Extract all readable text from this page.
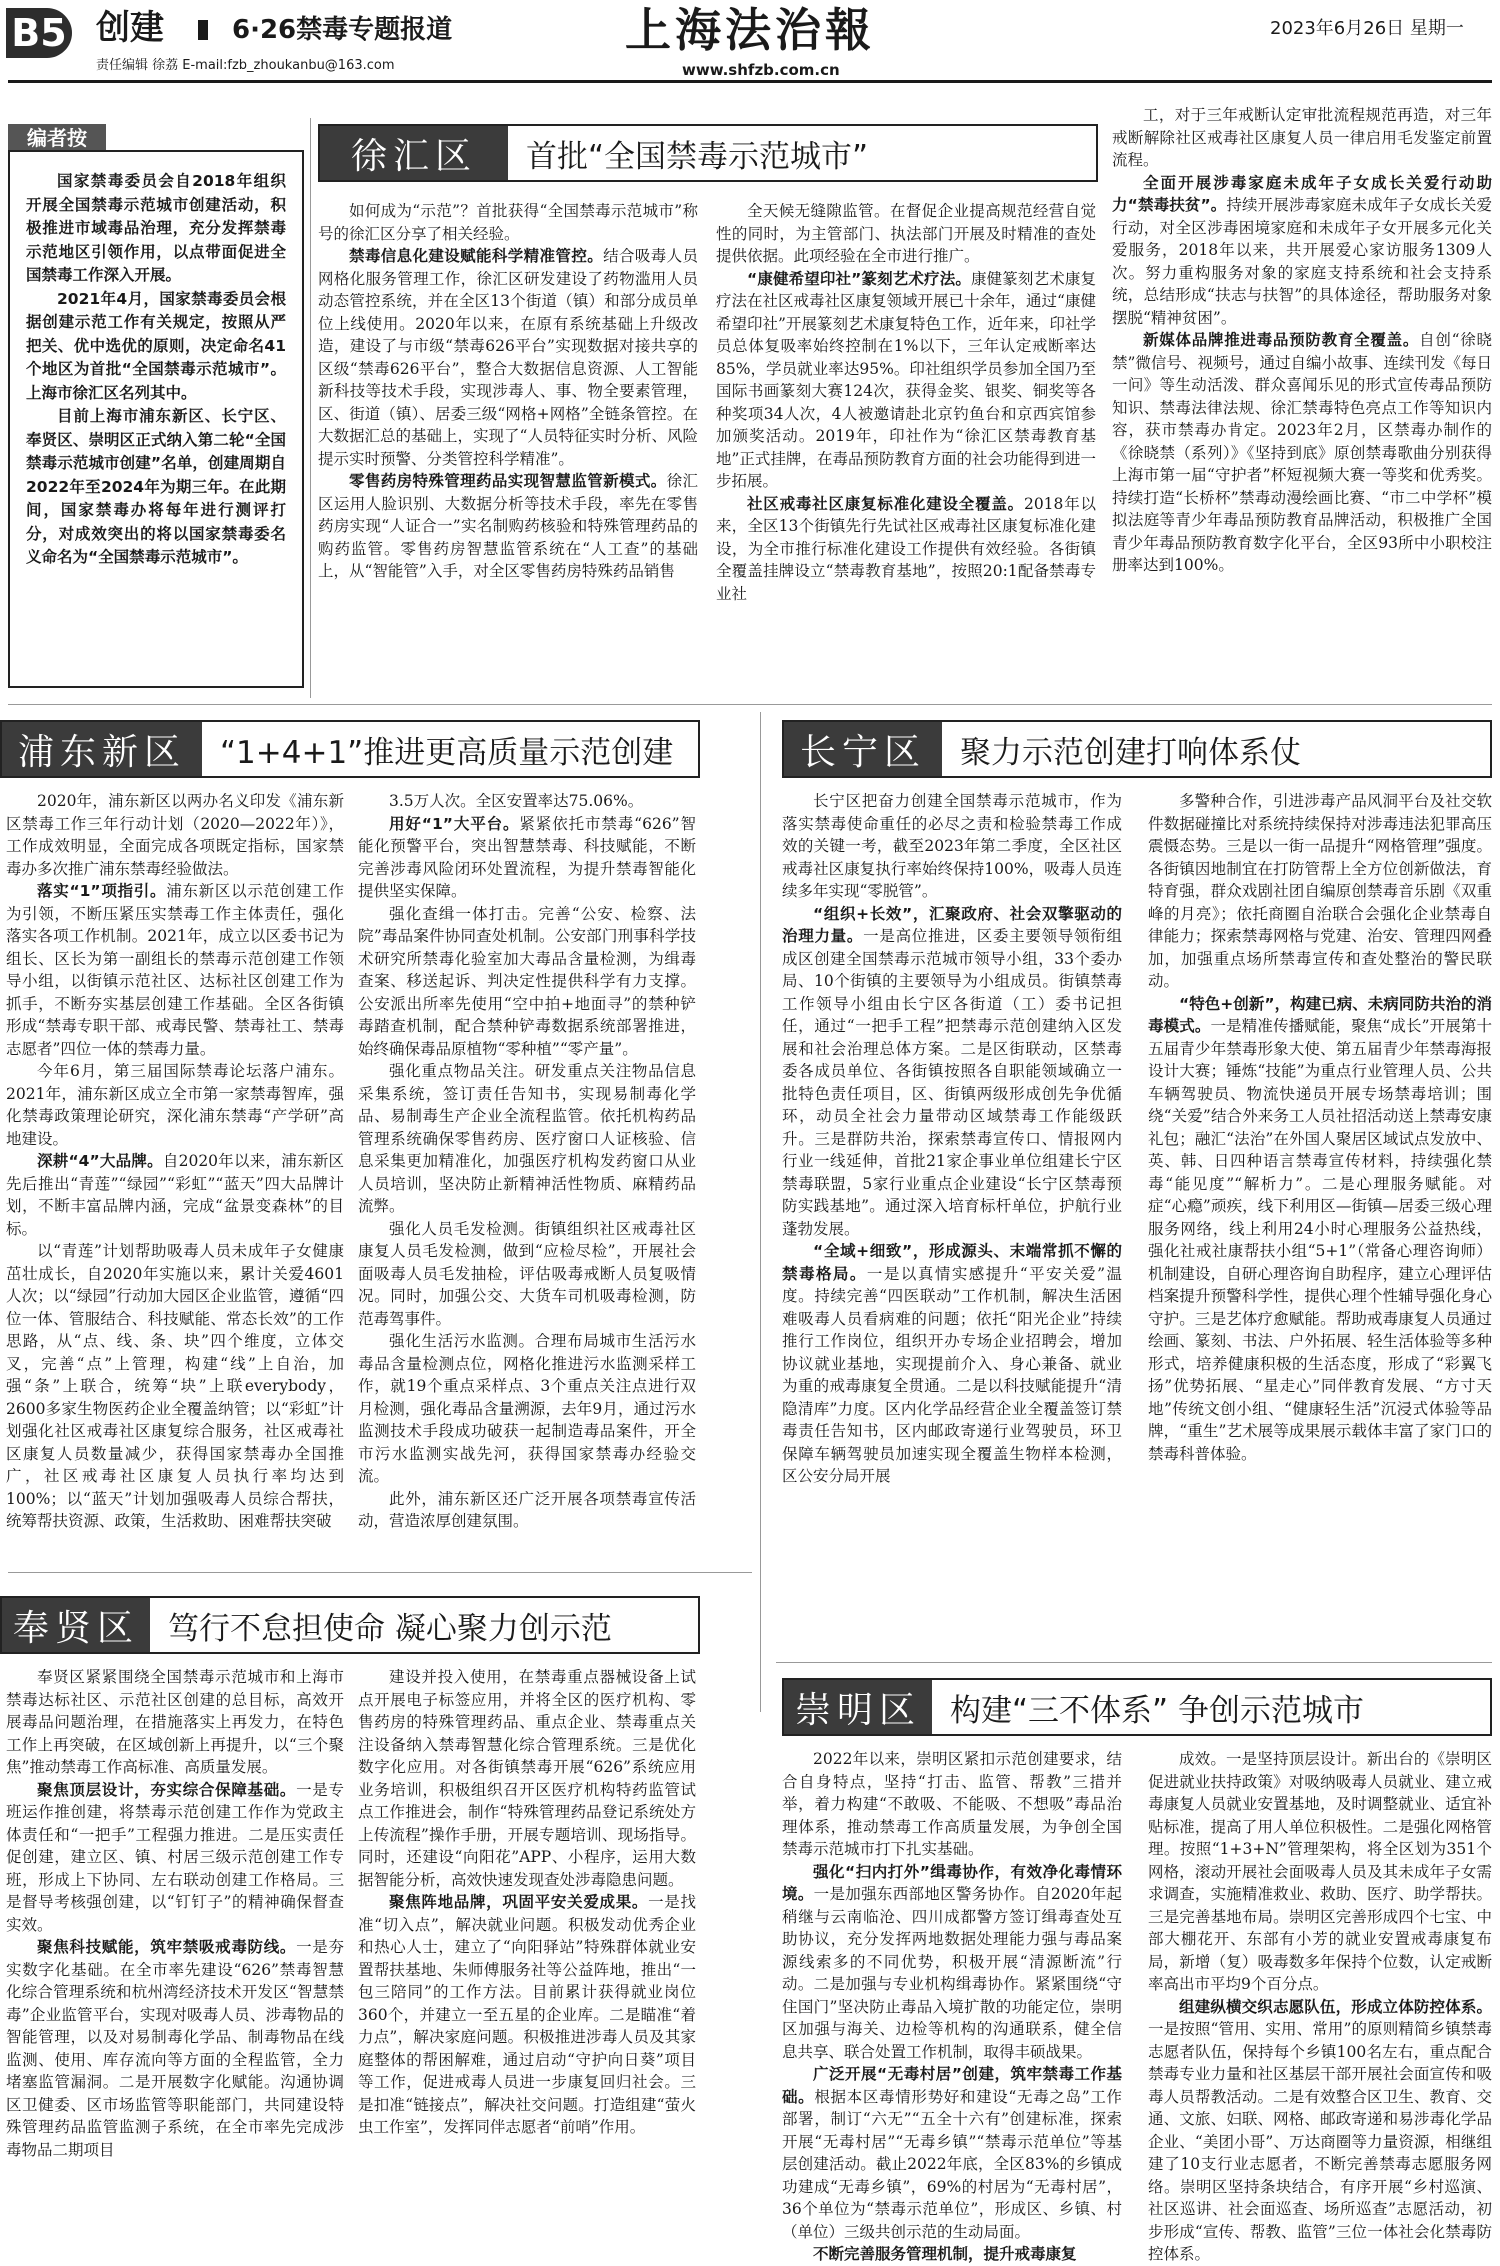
B5 创建	6·26禁毒专题报道	上海法治報	2023年6月26日 星期一
责任编辑 徐荔 E-mail:fzb_zhoukanbu@163.com	www.shfzb.com.cn
编者按

国家禁毒委员会自2018年组织开展全国禁毒示范城市创建活动，积极推进市域毒品治理，充分发挥禁毒示范地区引领作用，以点带面促进全国禁毒工作深入开展。

2021年4月，国家禁毒委员会根据创建示范工作有关规定，按照从严把关、优中选优的原则，决定命名41个地区为首批“全国禁毒示范城市”。上海市徐汇区名列其中。

目前上海市浦东新区、长宁区、奉贤区、崇明区正式纳入第二轮“全国禁毒示范城市创建”名单，创建周期自2022年至2024年为期三年。在此期间，国家禁毒办将每年进行测评打分，对成效突出的将以国家禁毒委名义命名为“全国禁毒示范城市”。

徐汇区	首批“全国禁毒示范城市”

如何成为“示范”？首批获得“全国禁毒示范城市”称号的徐汇区分享了相关经验。

禁毒信息化建设赋能科学精准管控。结合吸毒人员网格化服务管理工作，徐汇区研发建设了药物滥用人员动态管控系统，并在全区13个街道（镇）和部分成员单位上线使用。2020年以来，在原有系统基础上升级改造，建设了与市级“禁毒626平台”实现数据对接共享的区级“禁毒626平台”，整合大数据信息资源、人工智能新科技等技术手段，实现涉毒人、事、物全要素管理，区、街道（镇）、居委三级“网格+网格”全链条管控。在大数据汇总的基础上，实现了“人员特征实时分析、风险提示实时预警、分类管控科学精准”。

零售药房特殊管理药品实现智慧监管新模式。徐汇区运用人脸识别、大数据分析等技术手段，率先在零售药房实现“人证合一”实名制购药核验和特殊管理药品的购药监管。零售药房智慧监管系统在“人工查”的基础上，从“智能管”入手，对全区零售药房特殊药品销售

全天候无缝隙监管。在督促企业提高规范经营自觉性的同时，为主管部门、执法部门开展及时精准的查处提供依据。此项经验在全市进行推广。

“康健希望印社”篆刻艺术疗法。康健篆刻艺术康复疗法在社区戒毒社区康复领域开展已十余年，通过“康健希望印社”开展篆刻艺术康复特色工作，近年来，印社学员总体复吸率始终控制在1%以下，三年认定戒断率达85%，学员就业率达95%。印社组织学员参加全国乃至国际书画篆刻大赛124次，获得金奖、银奖、铜奖等各种奖项34人次，4人被邀请赴北京钓鱼台和京西宾馆参加颁奖活动。2019年，印社作为“徐汇区禁毒教育基地”正式挂牌，在毒品预防教育方面的社会功能得到进一步拓展。

社区戒毒社区康复标准化建设全覆盖。2018年以来，全区13个街镇先行先试社区戒毒社区康复标准化建设，为全市推行标准化建设工作提供有效经验。各街镇全覆盖挂牌设立“禁毒教育基地”，按照20:1配备禁毒专业社

工，对于三年戒断认定审批流程规范再造，对三年戒断解除社区戒毒社区康复人员一律启用毛发鉴定前置流程。

全面开展涉毒家庭未成年子女成长关爱行动助力“禁毒扶贫”。持续开展涉毒家庭未成年子女成长关爱行动，对全区涉毒困境家庭和未成年子女开展多元化关爱服务，2018年以来，共开展爱心家访服务1309人次。努力重构服务对象的家庭支持系统和社会支持系统，总结形成“扶志与扶智”的具体途径，帮助服务对象摆脱“精神贫困”。

新媒体品牌推进毒品预防教育全覆盖。自创“徐晓禁”微信号、视频号，通过自编小故事、连续刊发《每日一问》等生动活泼、群众喜闻乐见的形式宣传毒品预防知识、禁毒法律法规、徐汇禁毒特色亮点工作等知识内容，获市禁毒办肯定。2023年2月，区禁毒办制作的《徐晓禁（系列）》《坚持到底》原创禁毒歌曲分别获得上海市第一届“守护者”杯短视频大赛一等奖和优秀奖。持续打造“长桥杯”禁毒动漫绘画比赛、“市二中学杯”模拟法庭等青少年毒品预防教育品牌活动，积极推广全国青少年毒品预防教育数字化平台，全区93所中小职校注册率达到100%。

浦东新区	“1+4+1”推进更高质量示范创建

2020年，浦东新区以两办名义印发《浦东新区禁毒工作三年行动计划（2020—2022年）》，工作成效明显，全面完成各项既定指标，国家禁毒办多次推广浦东禁毒经验做法。

落实“1”项指引。浦东新区以示范创建工作为引领，不断压紧压实禁毒工作主体责任，强化落实各项工作机制。2021年，成立以区委书记为组长、区长为第一副组长的禁毒示范创建工作领导小组，以街镇示范社区、达标社区创建工作为抓手，不断夯实基层创建工作基础。全区各街镇形成“禁毒专职干部、戒毒民警、禁毒社工、禁毒志愿者”四位一体的禁毒力量。

今年6月，第三届国际禁毒论坛落户浦东。2021年，浦东新区成立全市第一家禁毒智库，强化禁毒政策理论研究，深化浦东禁毒“产学研”高地建设。

深耕“4”大品牌。自2020年以来，浦东新区先后推出“青莲”“绿园”“彩虹”“蓝天”四大品牌计划，不断丰富品牌内涵，完成“盆景变森林”的目标。

以“青莲”计划帮助吸毒人员未成年子女健康茁壮成长，自2020年实施以来，累计关爱4601人次；以“绿园”行动加大园区企业监管，遵循“四位一体、管服结合、科技赋能、常态长效”的工作思路，从“点、线、条、块”四个维度，立体交叉，完善“点”上管理，构建“线”上自治，加强“条”上联合，统筹“块”上联everybody，2600多家生物医药企业全覆盖纳管；以“彩虹”计划强化社区戒毒社区康复综合服务，社区戒毒社区康复人员数量减少，获得国家禁毒办全国推广，社区戒毒社区康复人员执行率均达到100%；以“蓝天”计划加强吸毒人员综合帮扶，统筹帮扶资源、政策，生活救助、困难帮扶突破

3.5万人次。全区安置率达75.06%。

用好“1”大平台。紧紧依托市禁毒“626”智能化预警平台，突出智慧禁毒、科技赋能，不断完善涉毒风险闭环处置流程，为提升禁毒智能化提供坚实保障。

强化查缉一体打击。完善“公安、检察、法院”毒品案件协同查处机制。公安部门刑事科学技术研究所禁毒化验室加大毒品含量检测，为缉毒查案、移送起诉、判决定性提供科学有力支撑。公安派出所率先使用“空中拍+地面寻”的禁种铲毒踏查机制，配合禁种铲毒数据系统部署推进，始终确保毒品原植物“零种植”“零产量”。

强化重点物品关注。研发重点关注物品信息采集系统，签订责任告知书，实现易制毒化学品、易制毒生产企业全流程监管。依托机构药品管理系统确保零售药房、医疗窗口人证核验、信息采集更加精准化，加强医疗机构发药窗口从业人员培训，坚决防止新精神活性物质、麻精药品流弊。

强化人员毛发检测。街镇组织社区戒毒社区康复人员毛发检测，做到“应检尽检”，开展社会面吸毒人员毛发抽检，评估吸毒戒断人员复吸情况。同时，加强公交、大货车司机吸毒检测，防范毒驾事件。

强化生活污水监测。合理布局城市生活污水毒品含量检测点位，网格化推进污水监测采样工作，就19个重点采样点、3个重点关注点进行双月检测，强化毒品含量溯源，去年9月，通过污水监测技术手段成功破获一起制造毒品案件，开全市污水监测实战先河，获得国家禁毒办经验交流。

此外，浦东新区还广泛开展各项禁毒宣传活动，营造浓厚创建氛围。

长宁区	聚力示范创建打响体系仗

长宁区把奋力创建全国禁毒示范城市，作为落实禁毒使命重任的必尽之责和检验禁毒工作成效的关键一考，截至2023年第二季度，全区社区戒毒社区康复执行率始终保持100%，吸毒人员连续多年实现“零脱管”。

“组织+长效”，汇聚政府、社会双擎驱动的治理力量。一是高位推进，区委主要领导领衔组成区创建全国禁毒示范城市领导小组，33个委办局、10个街镇的主要领导为小组成员。街镇禁毒工作领导小组由长宁区各街道（工）委书记担任，通过“一把手工程”把禁毒示范创建纳入区发展和社会治理总体方案。二是区街联动，区禁毒委各成员单位、各街镇按照各自职能领域确立一批特色责任项目，区、街镇两级形成创先争优循环，动员全社会力量带动区域禁毒工作能级跃升。三是群防共治，探索禁毒宣传口、情报网内行业一线延伸，首批21家企事业单位组建长宁区禁毒联盟，5家行业重点企业建设“长宁区禁毒预防实践基地”。通过深入培育标杆单位，护航行业蓬勃发展。

“全域+细致”，形成源头、末端常抓不懈的禁毒格局。一是以真情实感提升“平安关爱”温度。持续完善“四医联动”工作机制，解决生活困难吸毒人员看病难的问题；依托“阳光企业”持续推行工作岗位，组织开办专场企业招聘会，增加协议就业基地，实现提前介入、身心兼备、就业为重的戒毒康复全贯通。二是以科技赋能提升“清隐清库”力度。区内化学品经营企业全覆盖签订禁毒责任告知书，区内邮政寄递行业驾驶员，环卫保障车辆驾驶员加速实现全覆盖生物样本检测，区公安分局开展

多警种合作，引进涉毒产品风洞平台及社交软件数据碰撞比对系统持续保持对涉毒违法犯罪高压震慑态势。三是以一街一品提升“网格管理”强度。各街镇因地制宜在打防管帮上全方位创新做法，育特育强，群众戏剧社团自编原创禁毒音乐剧《双重峰的月亮》；依托商圈自治联合会强化企业禁毒自律能力；探索禁毒网格与党建、治安、管理四网叠加，加强重点场所禁毒宣传和查处整治的警民联动。

“特色+创新”，构建已病、未病同防共治的消毒模式。一是精准传播赋能，聚焦“成长”开展第十五届青少年禁毒形象大使、第五届青少年禁毒海报设计大赛；锤炼“技能”为重点行业管理人员、公共车辆驾驶员、物流快递员开展专场禁毒培训；围绕“关爱”结合外来务工人员社招活动送上禁毒安康礼包；融汇“法治”在外国人聚居区域试点发放中、英、韩、日四种语言禁毒宣传材料，持续强化禁毒“能见度”“解析力”。二是心理服务赋能。对症“心瘾”顽疾，线下利用区—街镇—居委三级心理服务网络，线上利用24小时心理服务公益热线，强化社戒社康帮扶小组“5+1”（常备心理咨询师）机制建设，自研心理咨询自助程序，建立心理评估档案提升预警科学性，提供心理个性辅导强化身心守护。三是艺体疗愈赋能。帮助戒毒康复人员通过绘画、篆刻、书法、户外拓展、轻生活体验等多种形式，培养健康积极的生活态度，形成了“彩翼飞扬”优势拓展、“星走心”同伴教育发展、“方寸天地”传统文创小组、“健康轻生活”沉浸式体验等品牌，“重生”艺术展等成果展示载体丰富了家门口的禁毒科普体验。

奉贤区 笃行不怠担使命 凝心聚力创示范

奉贤区紧紧围绕全国禁毒示范城市和上海市禁毒达标社区、示范社区创建的总目标，高效开展毒品问题治理，在措施落实上再发力，在特色工作上再突破，在区域创新上再提升，以“三个聚焦”推动禁毒工作高标准、高质量发展。

聚焦顶层设计，夯实综合保障基础。一是专班运作推创建，将禁毒示范创建工作作为党政主体责任和“一把手”工程强力推进。二是压实责任促创建，建立区、镇、村居三级示范创建工作专班，形成上下协同、左右联动创建工作格局。三是督导考核强创建，以“钉钉子”的精神确保督查实效。

聚焦科技赋能，筑牢禁吸戒毒防线。一是夯实数字化基础。在全市率先建设“626”禁毒智慧化综合管理系统和杭州湾经济技术开发区“智慧禁毒”企业监管平台，实现对吸毒人员、涉毒物品的智能管理，以及对易制毒化学品、制毒物品在线监测、使用、库存流向等方面的全程监管，全力堵塞监管漏洞。二是开展数字化赋能。沟通协调区卫健委、区市场监管等职能部门，共同建设特殊管理药品监管监测子系统，在全市率先完成涉毒物品二期项目

建设并投入使用，在禁毒重点器械设备上试点开展电子标签应用，并将全区的医疗机构、零售药房的特殊管理药品、重点企业、禁毒重点关注设备纳入禁毒智慧化综合管理系统。三是优化数字化应用。对各街镇禁毒开展“626”系统应用业务培训，积极组织召开区医疗机构特药监管试点工作推进会，制作“特殊管理药品登记系统处方上传流程”操作手册，开展专题培训、现场指导。同时，还建设“向阳花”APP、小程序，运用大数据智能分析，高效快速发现查处涉毒隐患问题。

聚焦阵地品牌，巩固平安关爱成果。一是找准“切入点”，解决就业问题。积极发动优秀企业和热心人士，建立了“向阳驿站”特殊群体就业安置帮扶基地、朱师傅服务社等公益阵地，推出“一包三陪同”的工作方法。目前累计获得就业岗位360个，并建立一至五星的企业库。二是瞄准“着力点”，解决家庭问题。积极推进涉毒人员及其家庭整体的帮困解难，通过启动“守护向日葵”项目等工作，促进戒毒人员进一步康复回归社会。三是扣准“链接点”，解决社交问题。打造组建“萤火虫工作室”，发挥同伴志愿者“前哨”作用。

崇明区 构建“三不体系” 争创示范城市

2022年以来，崇明区紧扣示范创建要求，结合自身特点，坚持“打击、监管、帮教”三措并举，着力构建“不敢吸、不能吸、不想吸”毒品治理体系，推动禁毒工作高质量发展，为争创全国禁毒示范城市打下扎实基础。

强化“扫内打外”缉毒协作，有效净化毒情环境。一是加强东西部地区警务协作。自2020年起稍继与云南临沧、四川成都警方签订缉毒查处互助协议，充分发挥两地数据处理能力强与毒品案源线索多的不同优势，积极开展“清源断流”行动。二是加强与专业机构缉毒协作。紧紧围绕“守住国门”坚决防止毒品入境扩散的功能定位，崇明区加强与海关、边检等机构的沟通联系，健全信息共享、联合处置工作机制，取得丰硕战果。

广泛开展“无毒村居”创建，筑牢禁毒工作基础。根据本区毒情形势好和建设“无毒之岛”工作部署，制订“六无”“五全十六有”创建标准，探索开展“无毒村居”“无毒乡镇”“禁毒示范单位”等基层创建活动。截止2022年底，全区83%的乡镇成功建成“无毒乡镇”，69%的村居为“无毒村居”，36个单位为“禁毒示范单位”，形成区、乡镇、村（单位）三级共创示范的生动局面。

不断完善服务管理机制，提升戒毒康复

成效。一是坚持顶层设计。新出台的《崇明区促进就业扶持政策》对吸纳吸毒人员就业、建立戒毒康复人员就业安置基地，及时调整就业、适宜补贴标准，提高了用人单位积极性。二是强化网格管理。按照“1+3+N”管理架构，将全区划为351个网格，滚动开展社会面吸毒人员及其未成年子女需求调查，实施精准救业、救助、医疗、助学帮扶。三是完善基地布局。崇明区完善形成四个七宝、中部大棚花开、东部有小芳的就业安置戒毒康复布局，新增（复）吸毒数多年保持个位数，认定戒断率高出市平均9个百分点。

组建纵横交织志愿队伍，形成立体防控体系。一是按照“管用、实用、常用”的原则精简乡镇禁毒志愿者队伍，保持每个乡镇100名左右，重点配合禁毒专业力量和社区基层干部开展社会面宣传和吸毒人员帮教活动。二是有效整合区卫生、教育、交通、文旅、妇联、网格、邮政寄递和易涉毒化学品企业、“美团小哥”、万达商圈等力量资源，相继组建了10支行业志愿者，不断完善禁毒志愿服务网络。崇明区坚持条块结合，有序开展“乡村巡演、社区巡讲、社会面巡查、场所巡查”志愿活动，初步形成“宣传、帮教、监管”三位一体社会化禁毒防控体系。
